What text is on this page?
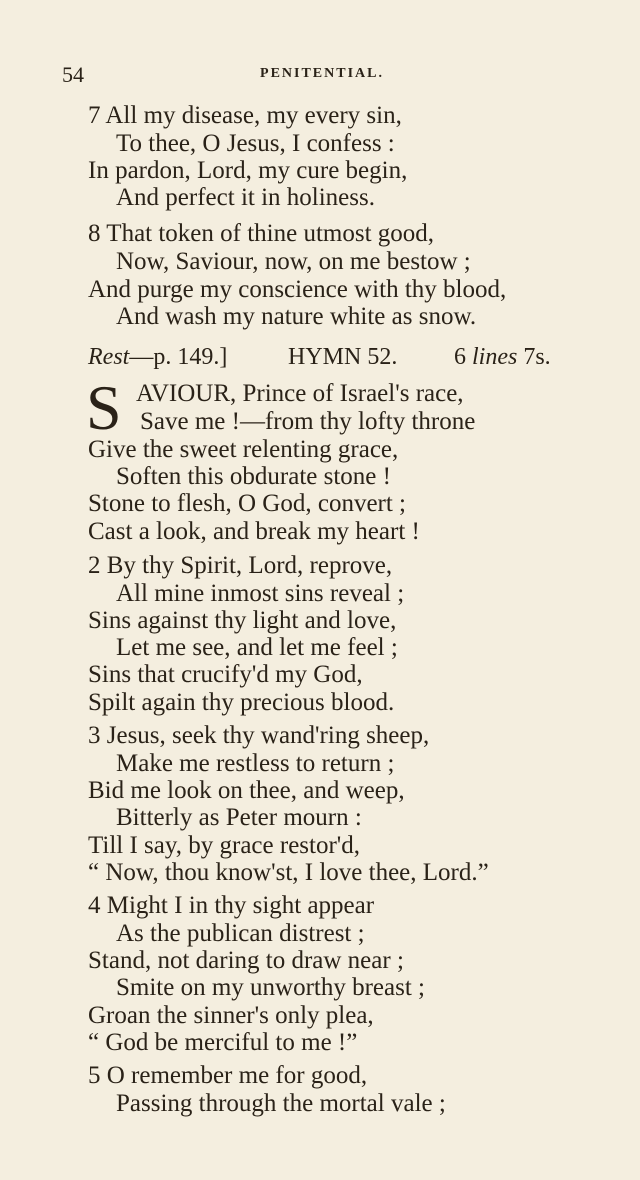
54	PENITENTIAL.
7 All my disease, my every sin,
To thee, O Jesus, I confess :
In pardon, Lord, my cure begin,
And perfect it in holiness.
8 That token of thine utmost good,
Now, Saviour, now, on me bestow ;
And purge my conscience with thy blood,
And wash my nature white as snow.
Rest—p. 149.]	HYMN 52. 6 lines 7s.
S AVIOUR, Prince of Israel's race,
Save me !—from thy lofty throne
Give the sweet relenting grace,
Soften this obdurate stone !
Stone to flesh, O God, convert ;
Cast a look, and break my heart !
2 By thy Spirit, Lord, reprove,
All mine inmost sins reveal ;
Sins against thy light and love,
Let me see, and let me feel ;
Sins that crucify'd my God,
Spilt again thy precious blood.
3 Jesus, seek thy wand'ring sheep,
Make me restless to return ;
Bid me look on thee, and weep,
Bitterly as Peter mourn :
Till I say, by grace restor'd,
“ Now, thou know'st, I love thee, Lord.”
4 Might I in thy sight appear
As the publican distrest ;
Stand, not daring to draw near ;
Smite on my unworthy breast ;
Groan the sinner's only plea,
“ God be merciful to me !”
5 O remember me for good,
Passing through the mortal vale ;
